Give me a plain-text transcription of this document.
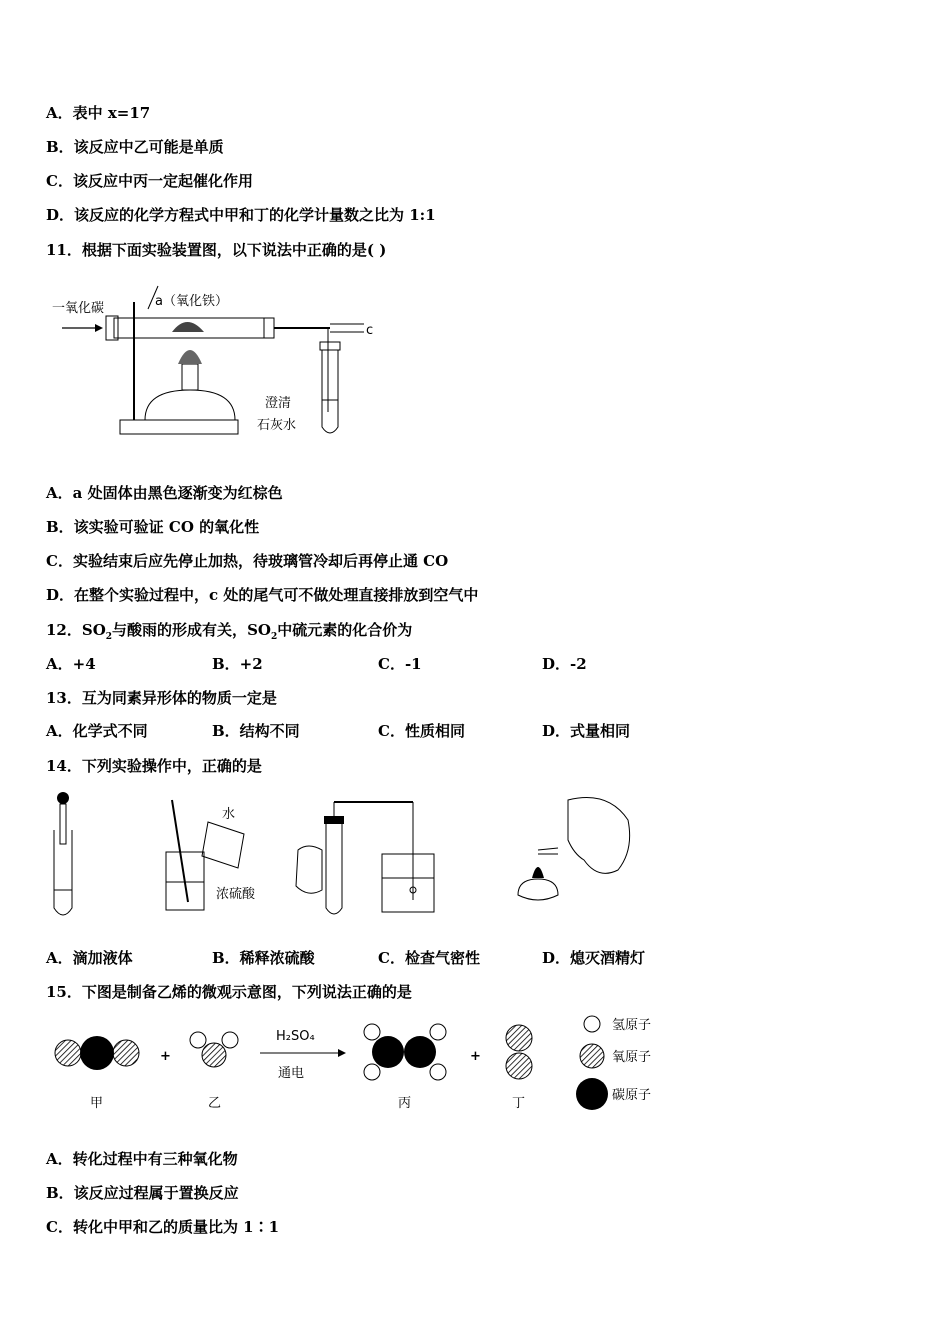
A．表中 x=17
B．该反应中乙可能是单质
C．该反应中丙一定起催化作用
D．该反应的化学方程式中甲和丁的化学计量数之比为 1:1
11．根据下面实验装置图，以下说法中正确的是( )
一氧化碳	a（氧化铁）
c
澄清
石灰水
A．a 处固体由黑色逐渐变为红棕色
B．该实验可验证 CO 的氧化性
C．实验结束后应先停止加热，待玻璃管冷却后再停止通 CO
D．在整个实验过程中，c 处的尾气可不做处理直接排放到空气中
12．$SO_2$与酸雨的形成有关，$SO_2$中硫元素的化合价为
A．+4	B．+2	C．-1	D．-2
13．互为同素异形体的物质一定是
A．化学式不同	B．结构不同	C．性质相同	D．式量相同
14．下列实验操作中，正确的是
水
浓硫酸
A．滴加液体	B．稀释浓硫酸	C．检查气密性	D．熄灭酒精灯
15．下图是制备乙烯的微观示意图，下列说法正确的是
甲
+
乙
H₂SO₄
通电
丙
+
丁
氢原子
氧原子
碳原子
A．转化过程中有三种氧化物
B．该反应过程属于置换反应
C．转化中甲和乙的质量比为 1∶1
